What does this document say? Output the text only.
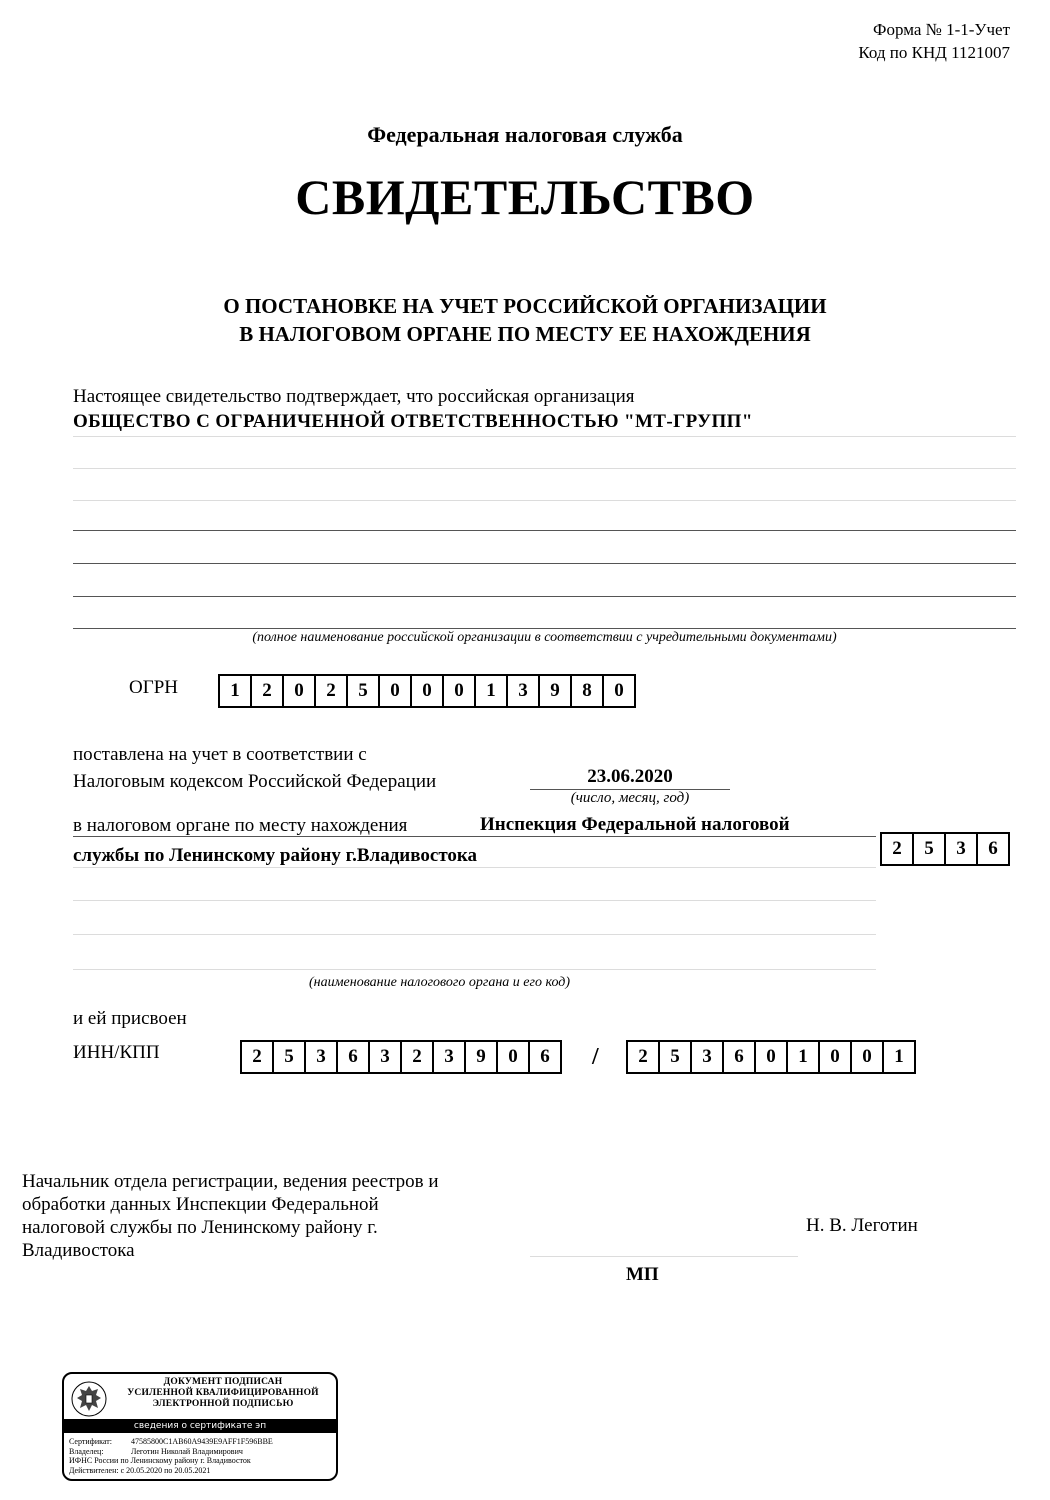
Форма № 1-1-Учет
Код по КНД 1121007
Федеральная налоговая служба
СВИДЕТЕЛЬСТВО
О ПОСТАНОВКЕ НА УЧЕТ РОССИЙСКОЙ ОРГАНИЗАЦИИ
В НАЛОГОВОМ ОРГАНЕ ПО МЕСТУ ЕЕ НАХОЖДЕНИЯ
Настоящее свидетельство подтверждает, что российская организация
ОБЩЕСТВО С ОГРАНИЧЕННОЙ ОТВЕТСТВЕННОСТЬЮ "МТ-ГРУПП"
(полное наименование российской организации в соответствии с учредительными документами)
ОГРН	1	2	0	2	5	0	0	0	1	3	9	8	0
поставлена на учет в соответствии с
Налоговым кодексом Российской Федерации	23.06.2020
(число, месяц, год)
в налоговом органе по месту нахождения	Инспекция Федеральной налоговой
службы по Ленинскому району г.Владивостока	2	5	3	6
(наименование налогового органа и его код)
и ей присвоен
ИНН/КПП	2	5	3	6	3	2	3	9	0	6	/	2	5	3	6	0	1	0	0	1
Начальник отдела регистрации, ведения реестров и
обработки данных Инспекции Федеральной
налоговой службы по Ленинскому району г.
Владивостока
Н. В. Леготин
МП
ДОКУМЕНТ ПОДПИСАН
УСИЛЕННОЙ КВАЛИФИЦИРОВАННОЙ
ЭЛЕКТРОННОЙ ПОДПИСЬЮ
сведения о сертификате эп
Сертификат: 47585800C1AB60A9439E9AFF1F596BBE
Владелец:	Леготин Николай Владимирович
ИФНС России по Ленинскому району г. Владивосток
Действителен: с 20.05.2020 по 20.05.2021
